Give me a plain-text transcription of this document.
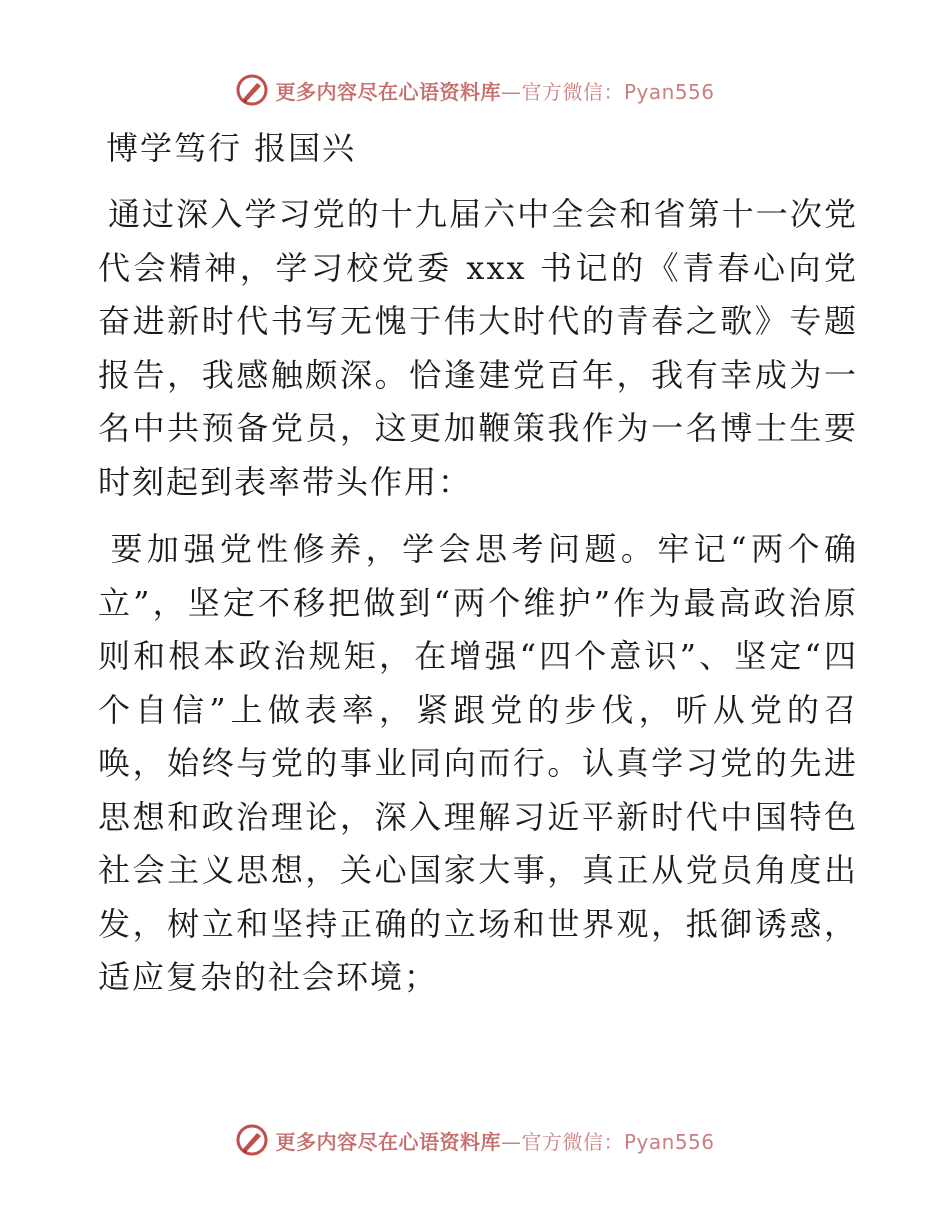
更多内容尽在心语资料库—官方微信：Pyan556
博学笃行 报国兴

通过深入学习党的十九届六中全会和省第十一次党代会精神，学习校党委 xxx 书记的《青春心向党 奋进新时代书写无愧于伟大时代的青春之歌》专题报告，我感触颇深。恰逢建党百年，我有幸成为一名中共预备党员，这更加鞭策我作为一名博士生要时刻起到表率带头作用：

要加强党性修养，学会思考问题。牢记“两个确立”，坚定不移把做到“两个维护”作为最高政治原则和根本政治规矩，在增强“四个意识”、坚定“四个自信”上做表率，紧跟党的步伐，听从党的召唤，始终与党的事业同向而行。认真学习党的先进思想和政治理论，深入理解习近平新时代中国特色社会主义思想，关心国家大事，真正从党员角度出发，树立和坚持正确的立场和世界观，抵御诱惑，适应复杂的社会环境；

更多内容尽在心语资料库—官方微信：Pyan556
